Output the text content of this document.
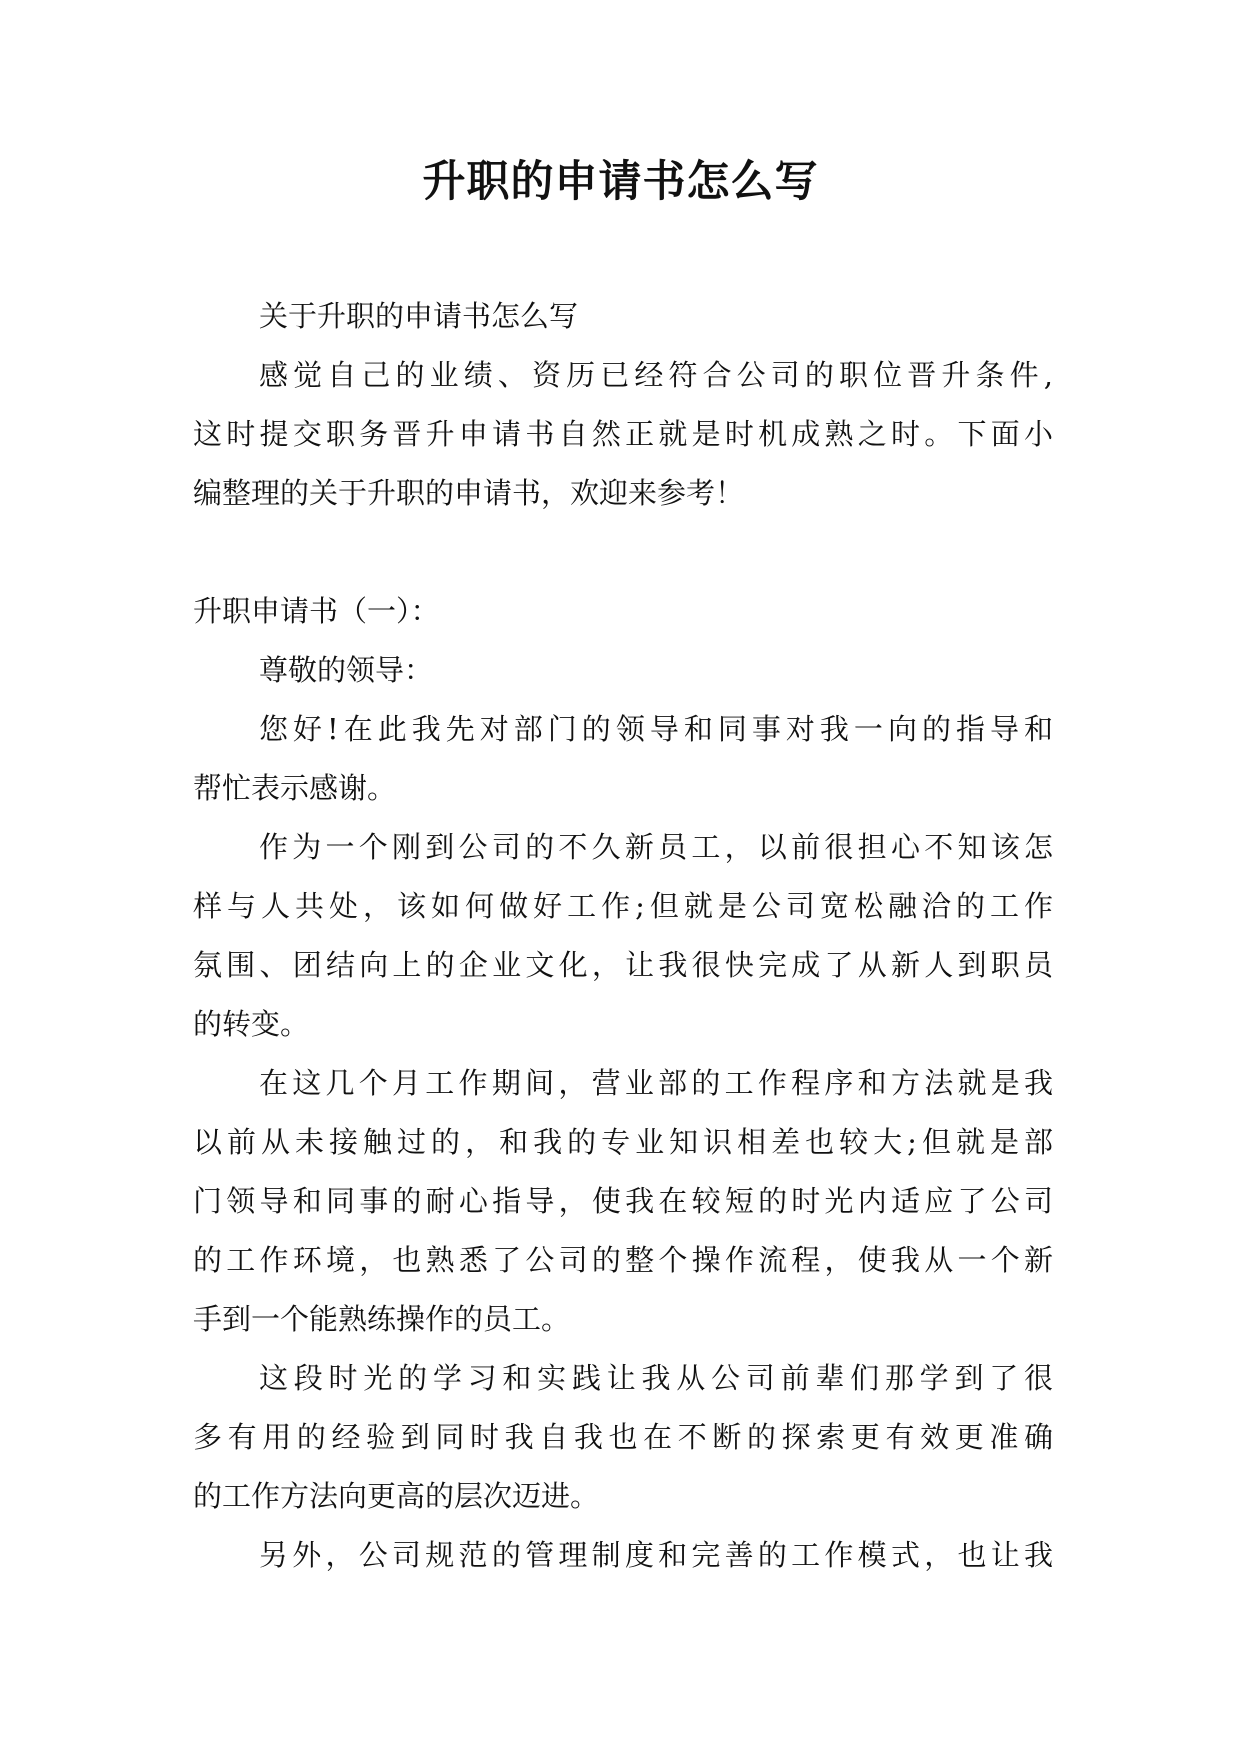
升职的申请书怎么写
关于升职的申请书怎么写
感觉自己的业绩、资历已经符合公司的职位晋升条件,
这时提交职务晋升申请书自然正就是时机成熟之时。下面小
编整理的关于升职的申请书，欢迎来参考！
升职申请书（一）：
尊敬的领导：
您好!在此我先对部门的领导和同事对我一向的指导和
帮忙表示感谢。
作为一个刚到公司的不久新员工，以前很担心不知该怎
样与人共处，该如何做好工作;但就是公司宽松融洽的工作
氛围、团结向上的企业文化，让我很快完成了从新人到职员
的转变。
在这几个月工作期间，营业部的工作程序和方法就是我
以前从未接触过的，和我的专业知识相差也较大;但就是部
门领导和同事的耐心指导，使我在较短的时光内适应了公司
的工作环境，也熟悉了公司的整个操作流程，使我从一个新
手到一个能熟练操作的员工。
这段时光的学习和实践让我从公司前辈们那学到了很
多有用的经验到同时我自我也在不断的探索更有效更准确
的工作方法向更高的层次迈进。
另外，公司规范的管理制度和完善的工作模式，也让我
